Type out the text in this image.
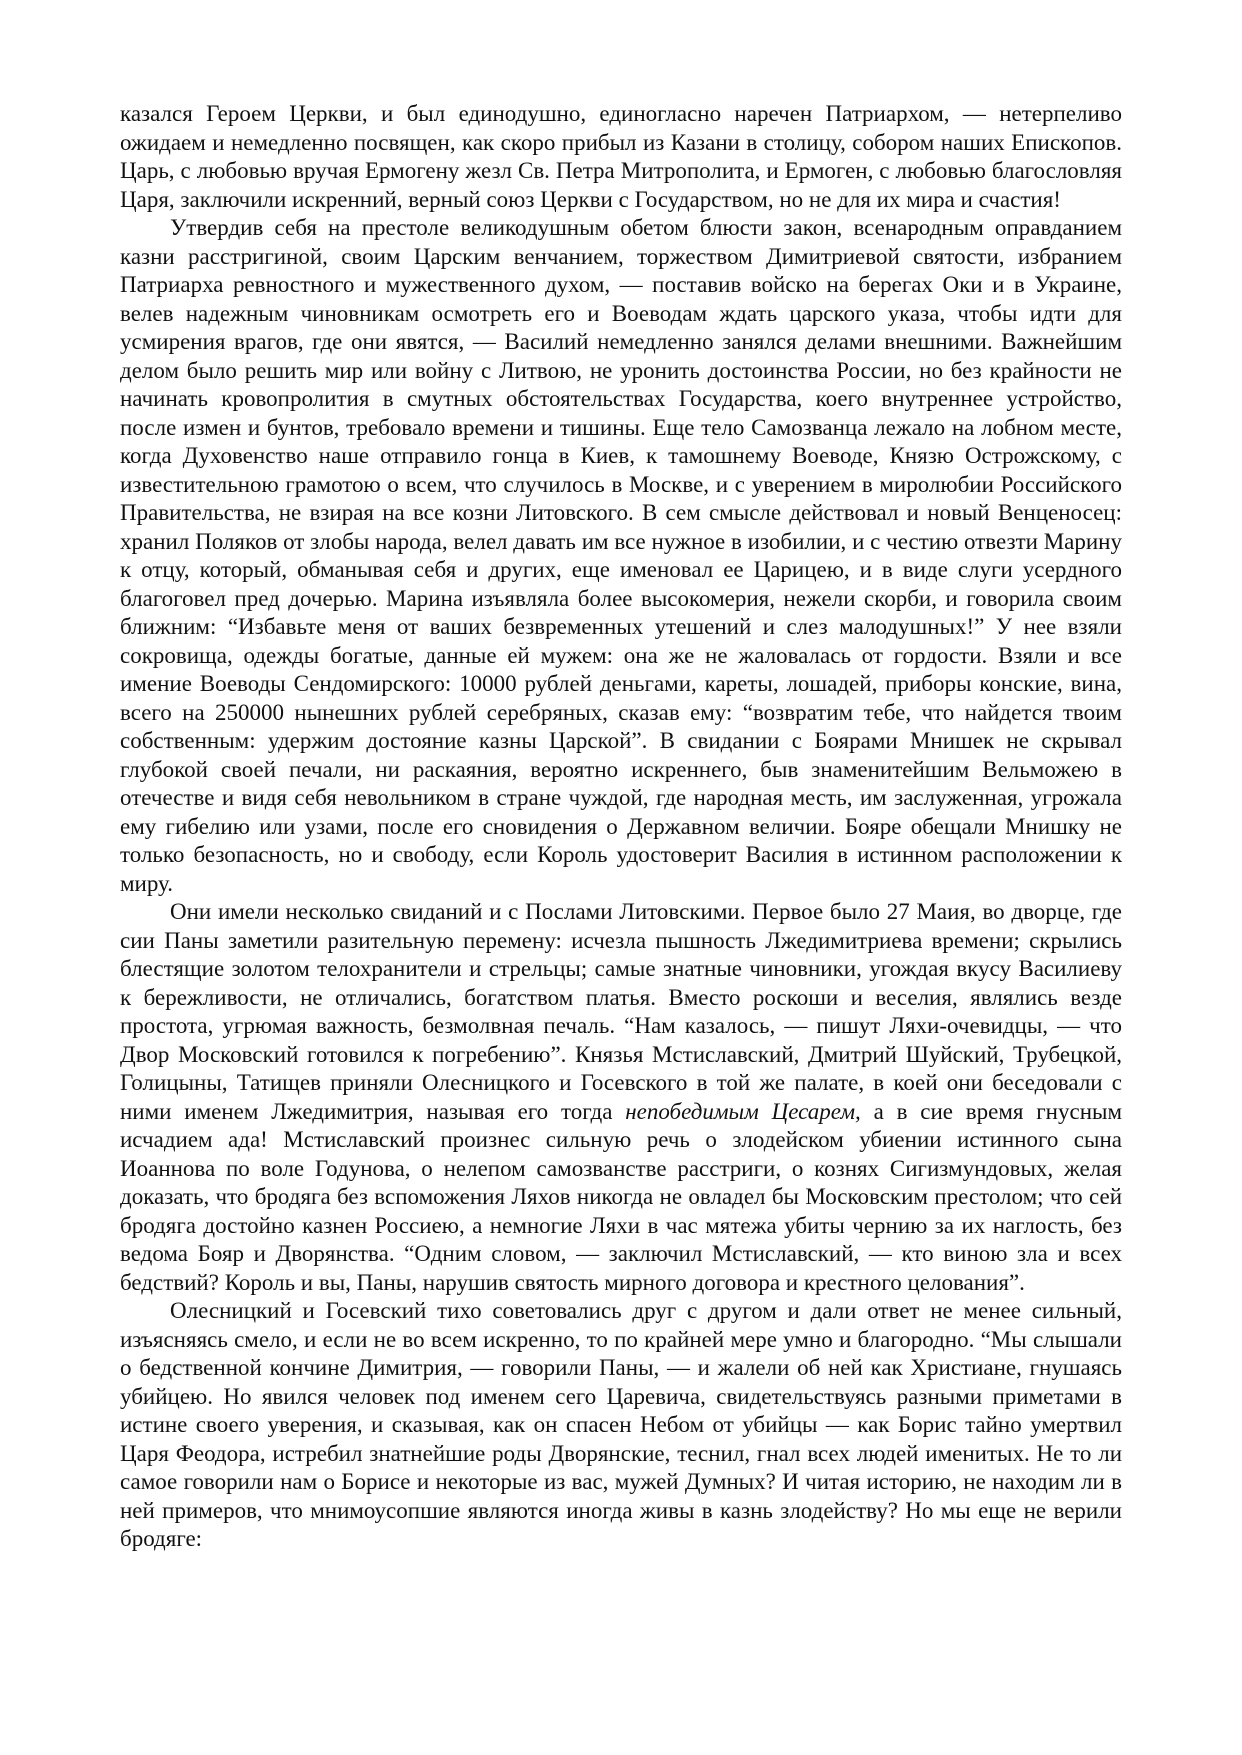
казался Героем Церкви, и был единодушно, единогласно наречен Патриархом, — нетерпеливо ожидаем и немедленно посвящен, как скоро прибыл из Казани в столицу, собором наших Епископов. Царь, с любовью вручая Ермогену жезл Св. Петра Митрополита, и Ермоген, с любовью благословляя Царя, заключили искренний, верный союз Церкви с Государством, но не для их мира и счастия!

Утвердив себя на престоле великодушным обетом блюсти закон, всенародным оправданием казни расстригиной, своим Царским венчанием, торжеством Димитриевой святости, избранием Патриарха ревностного и мужественного духом, — поставив войско на берегах Оки и в Украине, велев надежным чиновникам осмотреть его и Воеводам ждать царского указа, чтобы идти для усмирения врагов, где они явятся, — Василий немедленно занялся делами внешними. Важнейшим делом было решить мир или войну с Литвою, не уронить достоинства России, но без крайности не начинать кровопролития в смутных обстоятельствах Государства, коего внутреннее устройство, после измен и бунтов, требовало времени и тишины. Еще тело Самозванца лежало на лобном месте, когда Духовенство наше отправило гонца в Киев, к тамошнему Воеводе, Князю Острожскому, с известительною грамотою о всем, что случилось в Москве, и с уверением в миролюбии Российского Правительства, не взирая на все козни Литовского. В сем смысле действовал и новый Венценосец: хранил Поляков от злобы народа, велел давать им все нужное в изобилии, и с честию отвезти Марину к отцу, который, обманывая себя и других, еще именовал ее Царицею, и в виде слуги усердного благоговел пред дочерью. Марина изъявляла более высокомерия, нежели скорби, и говорила своим ближним: “Избавьте меня от ваших безвременных утешений и слез малодушных!” У нее взяли сокровища, одежды богатые, данные ей мужем: она же не жаловалась от гордости. Взяли и все имение Воеводы Сендомирского: 10000 рублей деньгами, кареты, лошадей, приборы конские, вина, всего на 250000 нынешних рублей серебряных, сказав ему: “возвратим тебе, что найдется твоим собственным: удержим достояние казны Царской”. В свидании с Боярами Мнишек не скрывал глубокой своей печали, ни раскаяния, вероятно искреннего, быв знаменитейшим Вельможею в отечестве и видя себя невольником в стране чуждой, где народная месть, им заслуженная, угрожала ему гибелию или узами, после его сновидения о Державном величии. Бояре обещали Мнишку не только безопасность, но и свободу, если Король удостоверит Василия в истинном расположении к миру.

Они имели несколько свиданий и с Послами Литовскими. Первое было 27 Маия, во дворце, где сии Паны заметили разительную перемену: исчезла пышность Лжедимитриева времени; скрылись блестящие золотом телохранители и стрельцы; самые знатные чиновники, угождая вкусу Василиеву к бережливости, не отличались, богатством платья. Вместо роскоши и веселия, являлись везде простота, угрюмая важность, безмолвная печаль. “Нам казалось, — пишут Ляхи-очевидцы, — что Двор Московский готовился к погребению”. Князья Мстиславский, Дмитрий Шуйский, Трубецкой, Голицыны, Татищев приняли Олесницкого и Госевского в той же палате, в коей они беседовали с ними именем Лжедимитрия, называя его тогда непобедимым Цесарем, а в сие время гнусным исчадием ада! Мстиславский произнес сильную речь о злодейском убиении истинного сына Иоаннова по воле Годунова, о нелепом самозванстве расстриги, о кознях Сигизмундовых, желая доказать, что бродяга без вспоможения Ляхов никогда не овладел бы Московским престолом; что сей бродяга достойно казнен Россиею, а немногие Ляхи в час мятежа убиты чернию за их наглость, без ведома Бояр и Дворянства. “Одним словом, — заключил Мстиславский, — кто виною зла и всех бедствий? Король и вы, Паны, нарушив святость мирного договора и крестного целования”.

Олесницкий и Госевский тихо советовались друг с другом и дали ответ не менее сильный, изъясняясь смело, и если не во всем искренно, то по крайней мере умно и благородно. “Мы слышали о бедственной кончине Димитрия, — говорили Паны, — и жалели об ней как Христиане, гнушаясь убийцею. Но явился человек под именем сего Царевича, свидетельствуясь разными приметами в истине своего уверения, и сказывая, как он спасен Небом от убийцы — как Борис тайно умертвил Царя Феодора, истребил знатнейшие роды Дворянские, теснил, гнал всех людей именитых. Не то ли самое говорили нам о Борисе и некоторые из вас, мужей Думных? И читая историю, не находим ли в ней примеров, что мнимоусопшие являются иногда живы в казнь злодейству? Но мы еще не верили бродяге:
